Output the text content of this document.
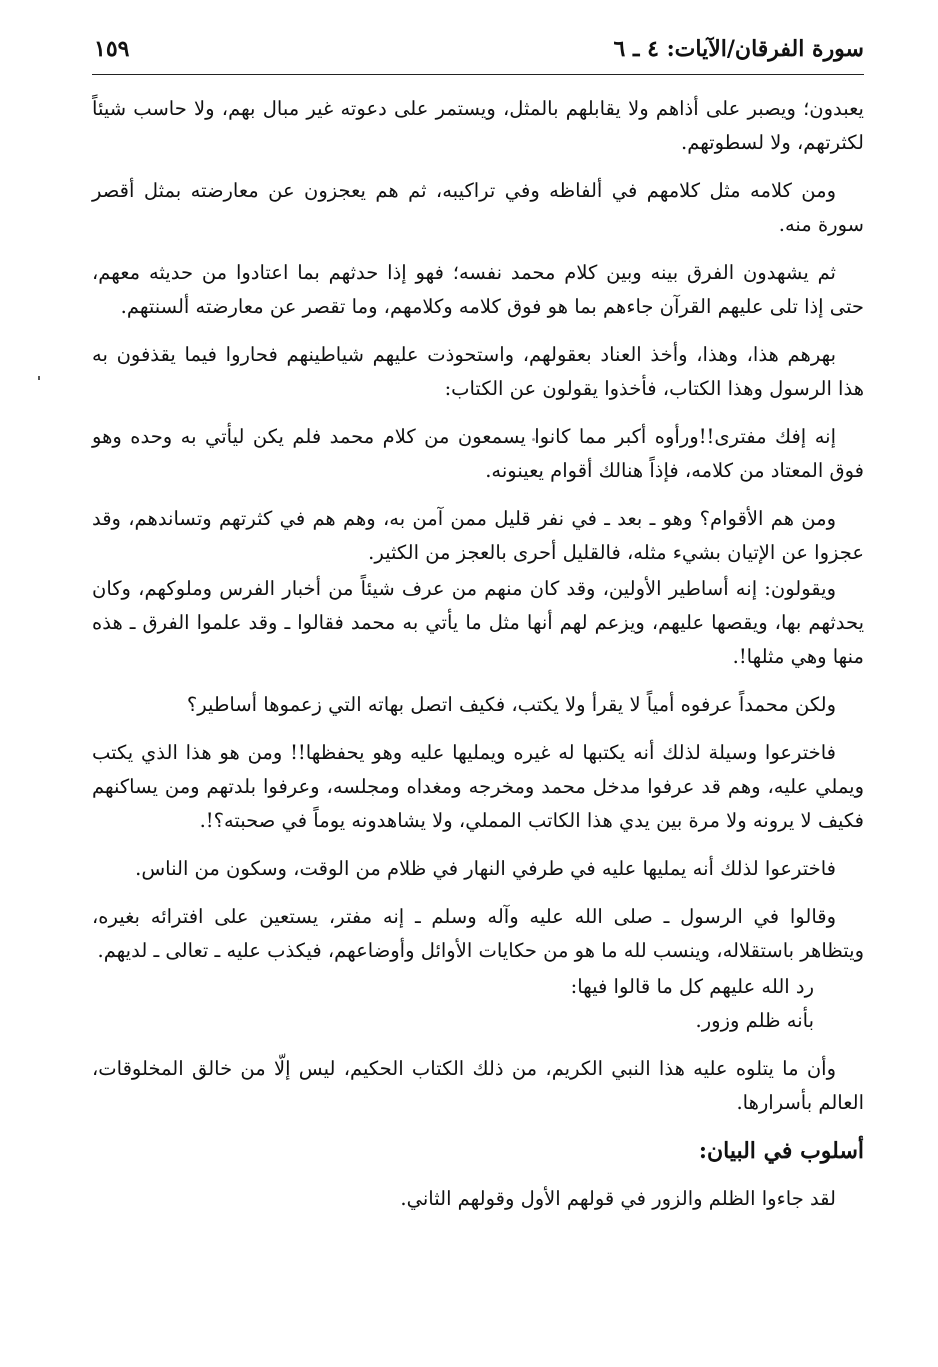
سورة الفرقان/الآيات: ٤ ـ ٦
١٥٩

يعبدون؛ ويصبر على أذاهم ولا يقابلهم بالمثل، ويستمر على دعوته غير مبال بهم، ولا حاسب شيئاً لكثرتهم، ولا لسطوتهم.

ومن كلامه مثل كلامهم في ألفاظه وفي تراكيبه، ثم هم يعجزون عن معارضته بمثل أقصر سورة منه.

ثم يشهدون الفرق بينه وبين كلام محمد نفسه؛ فهو إذا حدثهم بما اعتادوا من حديثه معهم، حتى إذا تلى عليهم القرآن جاءهم بما هو فوق كلامه وكلامهم، وما تقصر عن معارضته ألسنتهم.

بهرهم هذا، وهذا، وأخذ العناد بعقولهم، واستحوذت عليهم شياطينهم فحاروا فيما يقذفون به هذا الرسول وهذا الكتاب، فأخذوا يقولون عن الكتاب:

إنه إفك مفترى!!ورأوه أكبر مما كانوا يسمعون من كلام محمد فلم يكن ليأتي به وحده وهو فوق المعتاد من كلامه، فإذاً هنالك أقوام يعينونه.

ومن هم الأقوام؟ وهو ـ بعد ـ في نفر قليل ممن آمن به، وهم هم في كثرتهم وتساندهم، وقد عجزوا عن الإتيان بشيء مثله، فالقليل أحرى بالعجز من الكثير.

ويقولون: إنه أساطير الأولين، وقد كان منهم من عرف شيئاً من أخبار الفرس وملوكهم، وكان يحدثهم بها، ويقصها عليهم، ويزعم لهم أنها مثل ما يأتي به محمد فقالوا ـ وقد علموا الفرق ـ هذه منها وهي مثلها!.

ولكن محمداً عرفوه أمياً لا يقرأ ولا يكتب، فكيف اتصل بهاته التي زعموها أساطير؟

فاخترعوا وسيلة لذلك أنه يكتبها له غيره ويمليها عليه وهو يحفظها!! ومن هو هذا الذي يكتب ويملي عليه، وهم قد عرفوا مدخل محمد ومخرجه ومغداه ومجلسه، وعرفوا بلدتهم ومن يساكنهم فكيف لا يرونه ولا مرة بين يدي هذا الكاتب المملي، ولا يشاهدونه يوماً في صحبته؟!.

فاخترعوا لذلك أنه يمليها عليه في طرفي النهار في ظلام من الوقت، وسكون من الناس.

وقالوا في الرسول ـ صلى الله عليه وآله وسلم ـ إنه مفتر، يستعين على افترائه بغيره، ويتظاهر باستقلاله، وينسب لله ما هو من حكايات الأوائل وأوضاعهم، فيكذب عليه ـ تعالى ـ لديهم.

رد الله عليهم كل ما قالوا فيها:

بأنه ظلم وزور.

وأن ما يتلوه عليه هذا النبي الكريم، من ذلك الكتاب الحكيم، ليس إلّا من خالق المخلوقات، العالم بأسرارها.

أسلوب في البيان:

لقد جاءوا الظلم والزور في قولهم الأول وقولهم الثاني.
